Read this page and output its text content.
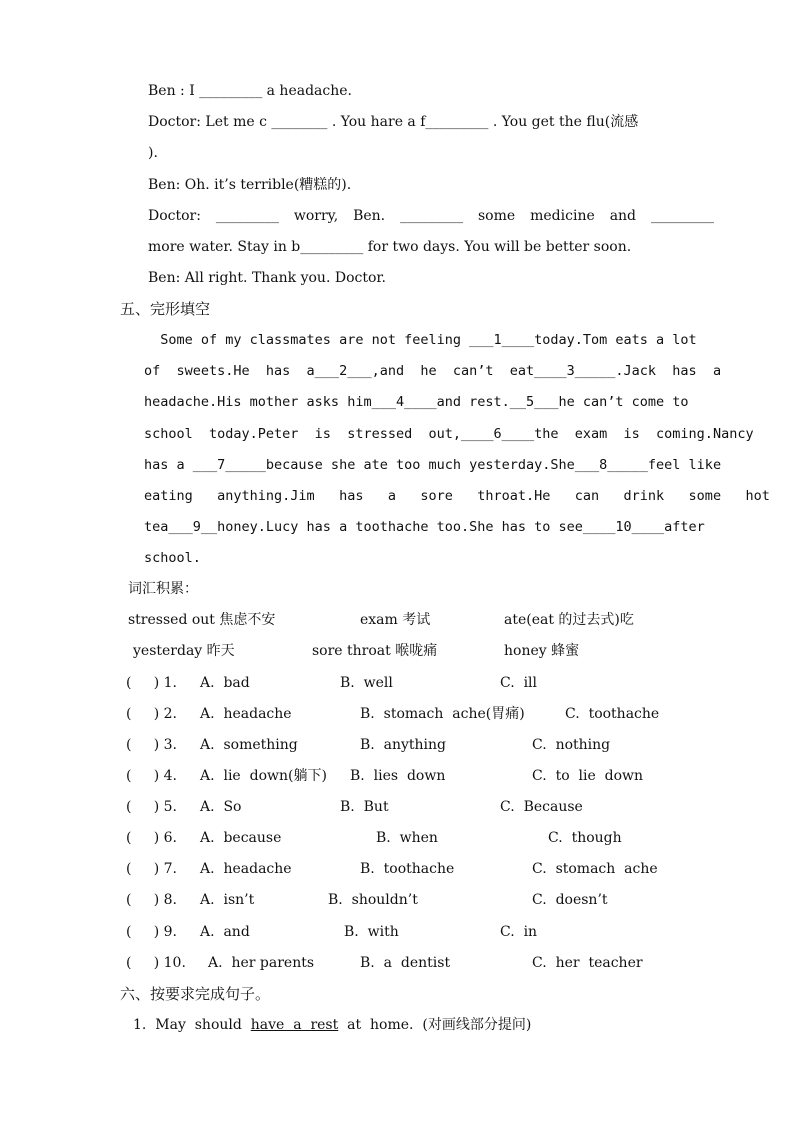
Ben : I _________ a headache.
Doctor: Let me c ________ . You hare a f_________ . You get the flu(流感
).
Ben: Oh. it’s terrible(糟糕的).
Doctor: _________ worry, Ben. _________ some medicine and _________
more water. Stay in b_________ for two days. You will be better soon.
Ben: All right. Thank you. Doctor.
五、完形填空
Some of my classmates are not feeling ___1____today.Tom eats a lot
of  sweets.He  has  a___2___,and  he  can’t  eat____3_____.Jack  has  a
headache.His mother asks him___4____and rest.__5___he can’t come to
school  today.Peter  is  stressed  out,____6____the  exam  is  coming.Nancy
has a ___7_____because she ate too much yesterday.She___8_____feel like
eating   anything.Jim   has   a   sore   throat.He   can   drink   some   hot
tea___9__honey.Lucy has a toothache too.She has to see____10____after
school.
词汇积累：
stressed out 焦虑不安	exam 考试	ate(eat 的过去式)吃
yesterday 昨天	sore throat 喉咙痛	honey 蜂蜜
(     ) 1. A.  bad	B.  well	C.  ill
(     ) 2. A.  headache	B.  stomach  ache(胃痛)	C.  toothache
(     ) 3. A.  something	B.  anything	C.  nothing
(     ) 4. A.  lie  down(躺下) B.  lies  down	C.  to  lie  down
(     ) 5. A.  So	B.  But	C.  Because
(     ) 6. A.  because	B.  when	C.  though
(     ) 7. A.  headache	B.  toothache	C.  stomach  ache
(     ) 8. A.  isn’t	B.  shouldn’t	C.  doesn’t
(     ) 9. A.  and	B.  with	C.  in
(     ) 10. A.  her parents	B.  a  dentist	C.  her  teacher
六、按要求完成句子。
1.  May  should  have  a  rest  at  home.  (对画线部分提问)
